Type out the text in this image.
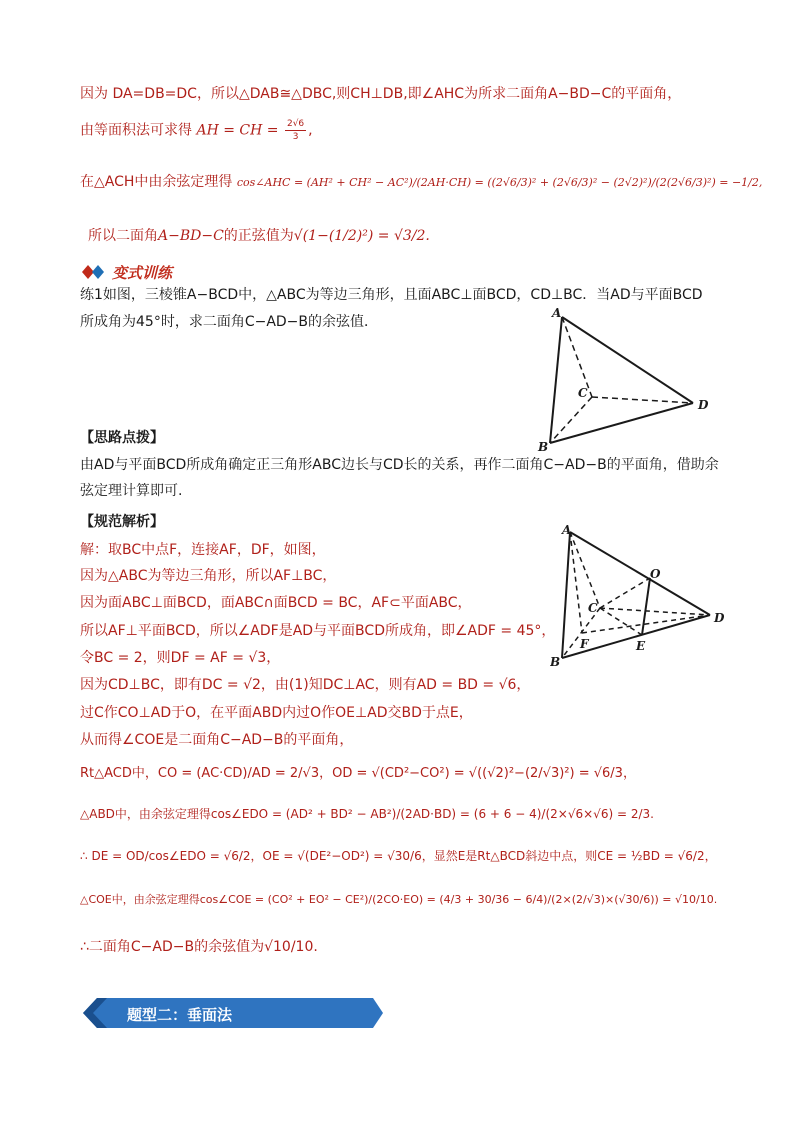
因为 DA=DB=DC，所以△DAB≅△DBC,则CH⊥DB,即∠AHC为所求二面角A−BD−C的平面角，
由等面积法可求得 AH = CH = $\frac{2√6}{3}$ ,
在△ACH中由余弦定理得 cos∠AHC = (AH² + CH² − AC²)/(2AH·CH) = ((2√6/3)² + (2√6/3)² − (2√2)²)/(2(2√6/3)²) = −1/2,
所以二面角A−BD−C的正弦值为√(1−(1/2)²) = √3/2.
变式训练
练1如图，三棱锥A−BCD中，△ABC为等边三角形，且面ABC⊥面BCD，CD⊥BC．当AD与平面BCD
所成角为45°时，求二面角C−AD−B的余弦值．
A
B
C
D
【思路点拨】
由AD与平面BCD所成角确定正三角形ABC边长与CD长的关系，再作二面角C−AD−B的平面角，借助余
弦定理计算即可.
【规范解析】
解：取BC中点F，连接AF，DF，如图，
因为△ABC为等边三角形，所以AF⊥BC，
因为面ABC⊥面BCD，面ABC∩面BCD = BC，AF⊂平面ABC，
所以AF⊥平面BCD，所以∠ADF是AD与平面BCD所成角，即∠ADF = 45°，
令BC = 2，则DF = AF = √3，
因为CD⊥BC，即有DC = √2，由(1)知DC⊥AC，则有AD = BD = √6，
过C作CO⊥AD于O，在平面ABD内过O作OE⊥AD交BD于点E，
从而得∠COE是二面角C−AD−B的平面角，
Rt△ACD中，CO = (AC·CD)/AD = 2/√3，OD = √(CD²−CO²) = √((√2)²−(2/√3)²) = √6/3，
△ABD中，由余弦定理得cos∠EDO = (AD² + BD² − AB²)/(2AD·BD) = (6 + 6 − 4)/(2×√6×√6) = 2/3.
∴ DE = OD/cos∠EDO = √6/2，OE = √(DE²−OD²) = √30/6，显然E是Rt△BCD斜边中点，则CE = ½BD = √6/2，
△COE中，由余弦定理得cos∠COE = (CO² + EO² − CE²)/(2CO·EO) = (4/3 + 30/36 − 6/4)/(2×(2/√3)×(√30/6)) = √10/10.
∴二面角C−AD−B的余弦值为√10/10.
A
B
C
D
O
F	E
题型二：垂面法
